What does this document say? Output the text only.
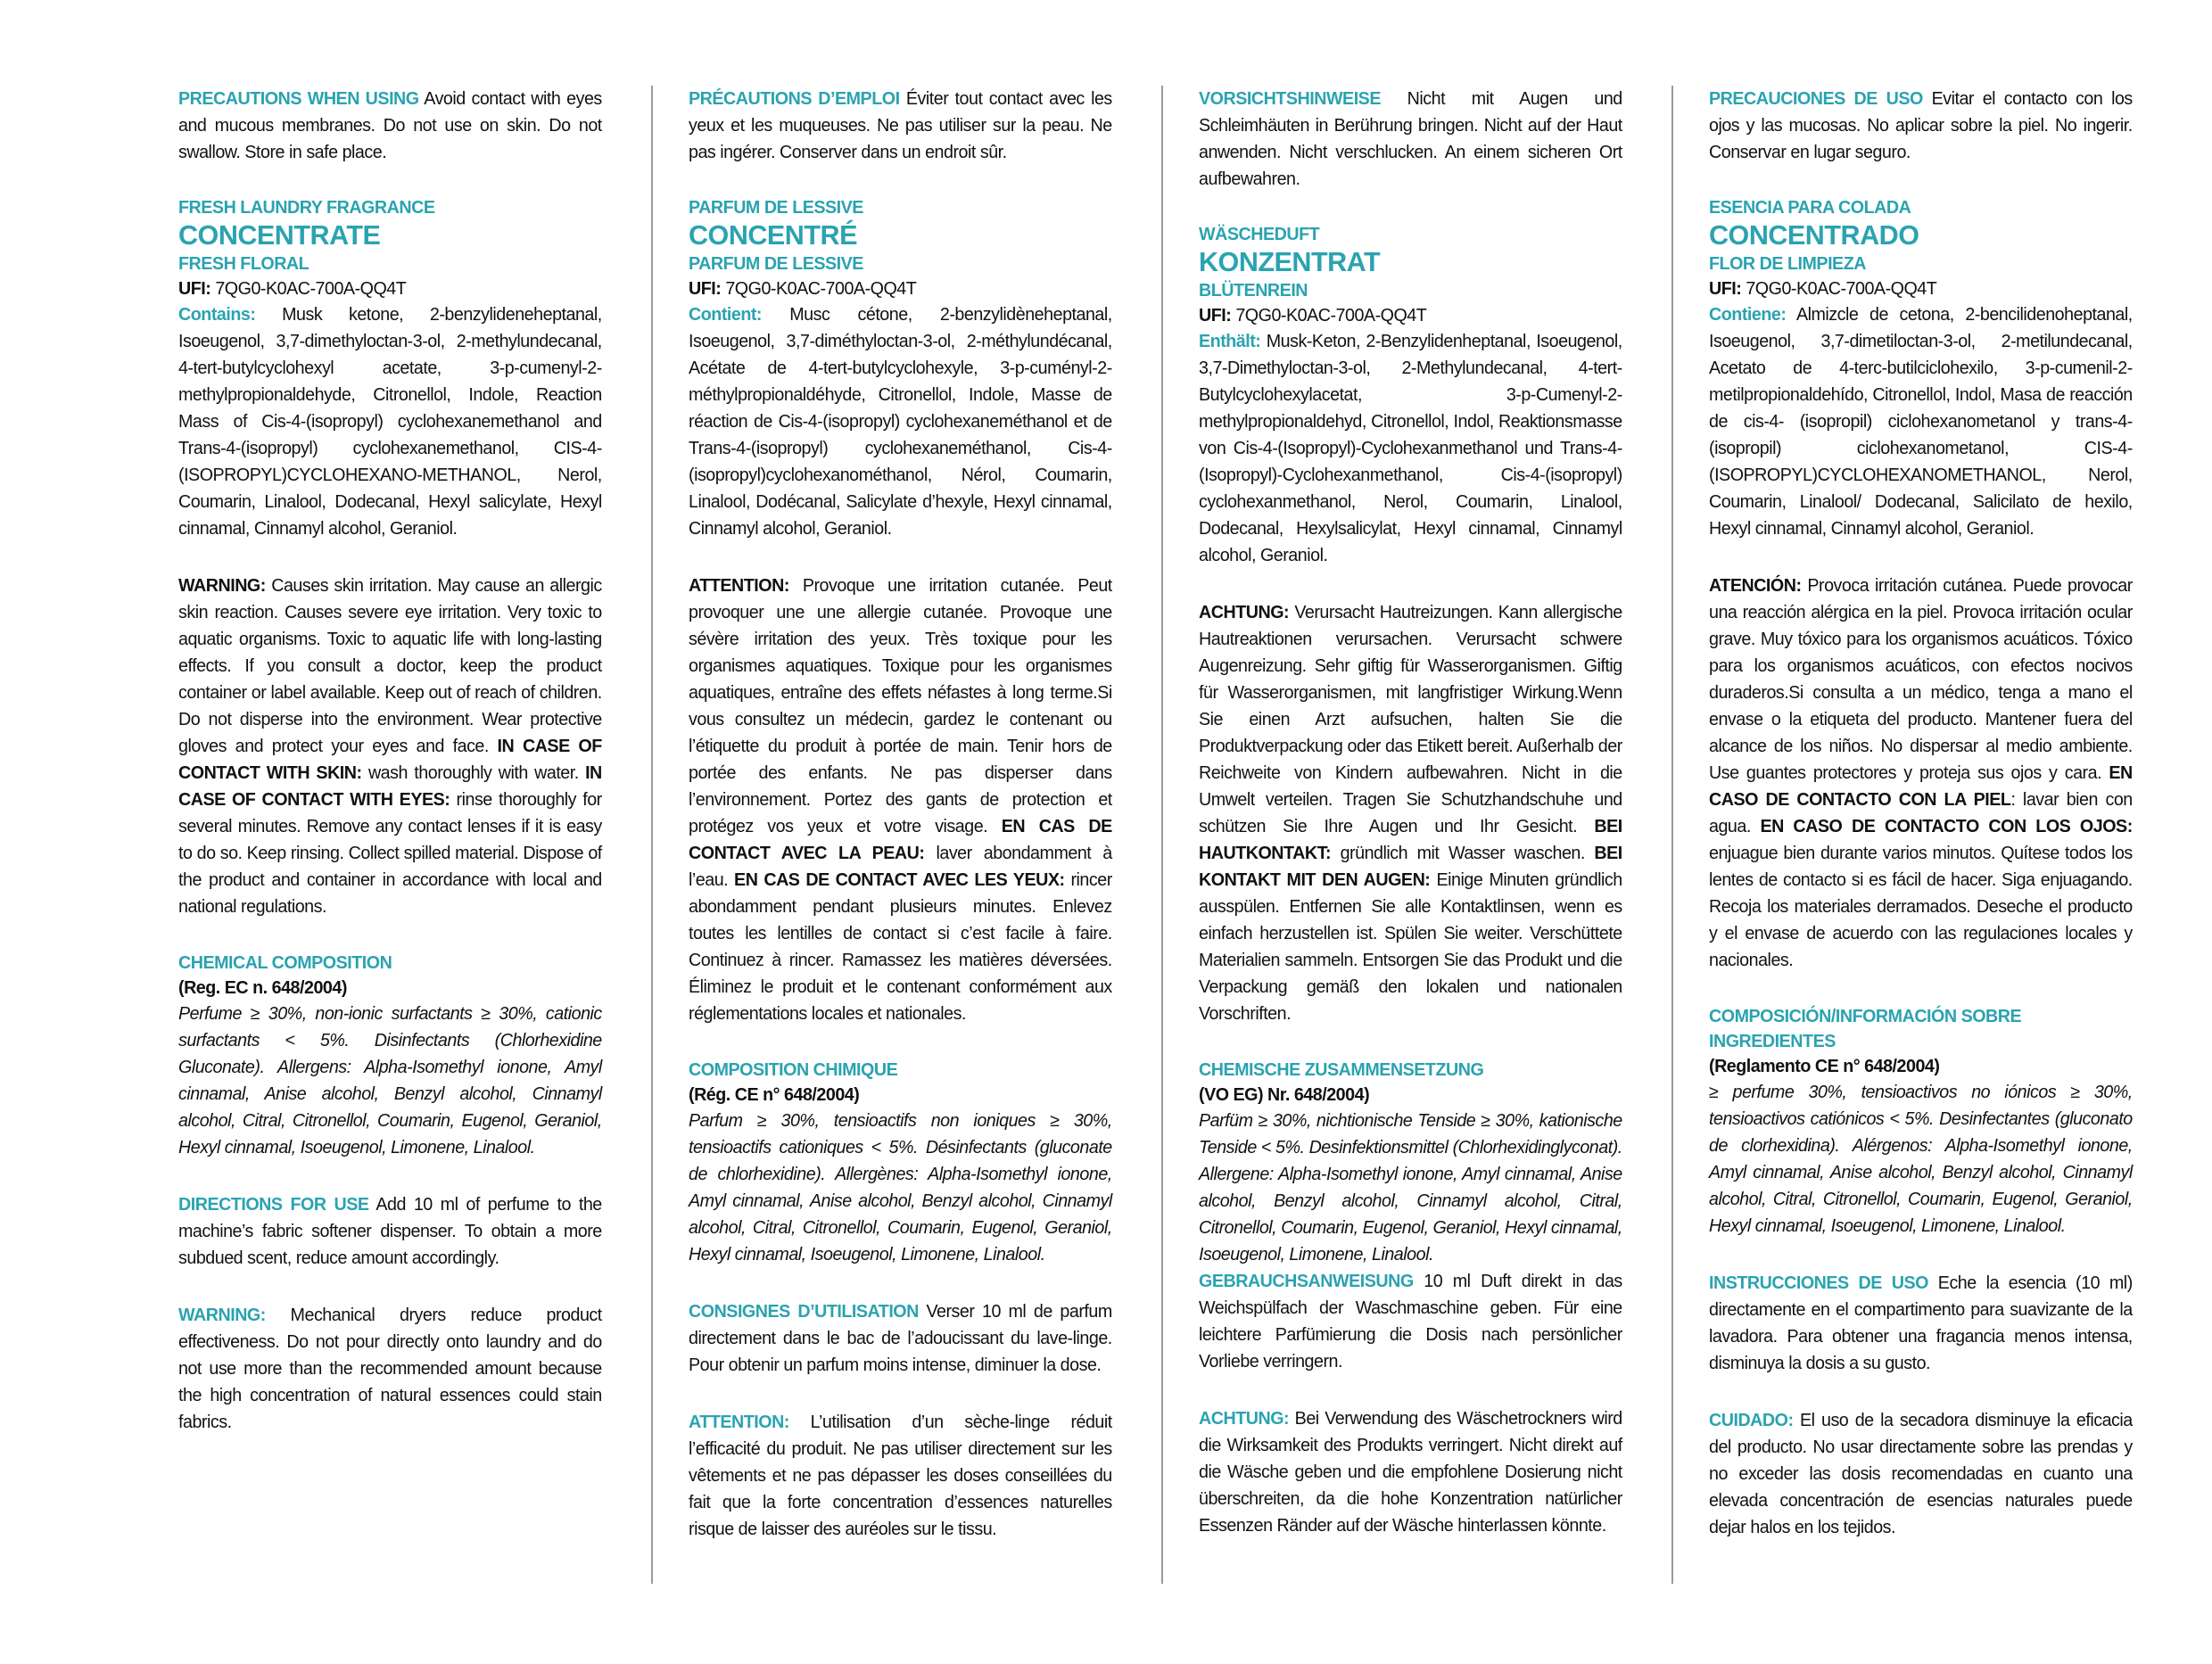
PRECAUTIONS WHEN USING Avoid contact with eyes and mucous membranes. Do not use on skin. Do not swallow. Store in safe place.

FRESH LAUNDRY FRAGRANCE
CONCENTRATE
FRESH FLORAL
UFI: 7QG0-K0AC-700A-QQ4T

Contains: Musk ketone, 2-benzylideneheptanal, Isoeugenol, 3,7-dimethyloctan-3-ol, 2-methylundecanal, 4-tert-butylcyclohexyl acetate, 3-p-cumenyl-2-methylpropionaldehyde, Citronellol, Indole, Reaction Mass of Cis-4-(isopropyl) cyclohexanemethanol and Trans-4-(isopropyl) cyclohexanemethanol, CIS-4-(ISOPROPYL)CYCLOHEXANO-METHANOL, Nerol, Coumarin, Linalool, Dodecanal, Hexyl salicylate, Hexyl cinnamal, Cinnamyl alcohol, Geraniol.

WARNING: Causes skin irritation. May cause an allergic skin reaction. Causes severe eye irritation. Very toxic to aquatic organisms. Toxic to aquatic life with long-lasting effects. If you consult a doctor, keep the product container or label available. Keep out of reach of children. Do not disperse into the environment. Wear protective gloves and protect your eyes and face. IN CASE OF CONTACT WITH SKIN: wash thoroughly with water. IN CASE OF CONTACT WITH EYES: rinse thoroughly for several minutes. Remove any contact lenses if it is easy to do so. Keep rinsing. Collect spilled material. Dispose of the product and container in accordance with local and national regulations.

CHEMICAL COMPOSITION
(Reg. EC n. 648/2004)

Perfume ≥ 30%, non-ionic surfactants ≥ 30%, cationic surfactants < 5%. Disinfectants (Chlorhexidine Gluconate). Allergens: Alpha-Isomethyl ionone, Amyl cinnamal, Anise alcohol, Benzyl alcohol, Cinnamyl alcohol, Citral, Citronellol, Coumarin, Eugenol, Geraniol, Hexyl cinnamal, Isoeugenol, Limonene, Linalool.

DIRECTIONS FOR USE Add 10 ml of perfume to the machine’s fabric softener dispenser. To obtain a more subdued scent, reduce amount accordingly.

WARNING: Mechanical dryers reduce product effectiveness. Do not pour directly onto laundry and do not use more than the recommended amount because the high concentration of natural essences could stain fabrics.

PRÉCAUTIONS D’EMPLOI Éviter tout contact avec les yeux et les muqueuses. Ne pas utiliser sur la peau. Ne pas ingérer. Conserver dans un endroit sûr.

PARFUM DE LESSIVE
CONCENTRÉ
PARFUM DE LESSIVE
UFI: 7QG0-K0AC-700A-QQ4T

Contient: Musc cétone, 2-benzylidèneheptanal, Isoeugenol, 3,7-diméthyloctan-3-ol, 2-méthylundécanal, Acétate de 4-tert-butylcyclohexyle, 3-p-cuményl-2-méthylpropionaldéhyde, Citronellol, Indole, Masse de réaction de Cis-4-(isopropyl) cyclohexaneméthanol et de Trans-4-(isopropyl) cyclohexaneméthanol, Cis-4-(isopropyl)cyclohexanométhanol, Nérol, Coumarin, Linalool, Dodécanal, Salicylate d’hexyle, Hexyl cinnamal, Cinnamyl alcohol, Geraniol.

ATTENTION: Provoque une irritation cutanée. Peut provoquer une une allergie cutanée. Provoque une sévère irritation des yeux. Très toxique pour les organismes aquatiques. Toxique pour les organismes aquatiques, entraîne des effets néfastes à long terme.Si vous consultez un médecin, gardez le contenant ou l’étiquette du produit à portée de main. Tenir hors de portée des enfants. Ne pas disperser dans l’environnement. Portez des gants de protection et protégez vos yeux et votre visage. EN CAS DE CONTACT AVEC LA PEAU: laver abondamment à l’eau. EN CAS DE CONTACT AVEC LES YEUX: rincer abondamment pendant plusieurs minutes. Enlevez toutes les lentilles de contact si c’est facile à faire. Continuez à rincer. Ramassez les matières déversées. Éliminez le produit et le contenant conformément aux réglementations locales et nationales.

COMPOSITION CHIMIQUE
(Rég. CE n° 648/2004)

Parfum ≥ 30%, tensioactifs non ioniques ≥ 30%, tensioactifs cationiques < 5%. Désinfectants (gluconate de chlorhexidine). Allergènes: Alpha-Isomethyl ionone, Amyl cinnamal, Anise alcohol, Benzyl alcohol, Cinnamyl alcohol, Citral, Citronellol, Coumarin, Eugenol, Geraniol, Hexyl cinnamal, Isoeugenol, Limonene, Linalool.

CONSIGNES D’UTILISATION Verser 10 ml de parfum directement dans le bac de l’adoucissant du lave-linge. Pour obtenir un parfum moins intense, diminuer la dose.

ATTENTION: L’utilisation d’un sèche-linge réduit l’efficacité du produit. Ne pas utiliser directement sur les vêtements et ne pas dépasser les doses conseillées du fait que la forte concentration d’essences naturelles risque de laisser des auréoles sur le tissu.

VORSICHTSHINWEISE Nicht mit Augen und Schleimhäuten in Berührung bringen. Nicht auf der Haut anwenden. Nicht verschlucken. An einem sicheren Ort aufbewahren.

WÄSCHEDUFT
KONZENTRAT
BLÜTENREIN
UFI: 7QG0-K0AC-700A-QQ4T

Enthält: Musk-Keton, 2-Benzylidenheptanal, Isoeugenol, 3,7-Dimethyloctan-3-ol, 2-Methylundecanal, 4-tert-Butylcyclohexylacetat, 3-p-Cumenyl-2-methylpropionaldehyd, Citronellol, Indol, Reaktionsmasse von Cis-4-(Isopropyl)-Cyclohexanmethanol und Trans-4-(Isopropyl)-Cyclohexanmethanol, Cis-4-(isopropyl) cyclohexanmethanol, Nerol, Coumarin, Linalool, Dodecanal, Hexylsalicylat, Hexyl cinnamal, Cinnamyl alcohol, Geraniol.

ACHTUNG: Verursacht Hautreizungen. Kann allergische Hautreaktionen verursachen. Verursacht schwere Augenreizung. Sehr giftig für Wasserorganismen. Giftig für Wasserorganismen, mit langfristiger Wirkung.Wenn Sie einen Arzt aufsuchen, halten Sie die Produktverpackung oder das Etikett bereit. Außerhalb der Reichweite von Kindern aufbewahren. Nicht in die Umwelt verteilen. Tragen Sie Schutzhandschuhe und schützen Sie Ihre Augen und Ihr Gesicht. BEI HAUTKONTAKT: gründlich mit Wasser waschen. BEI KONTAKT MIT DEN AUGEN: Einige Minuten gründlich ausspülen. Entfernen Sie alle Kontaktlinsen, wenn es einfach herzustellen ist. Spülen Sie weiter. Verschüttete Materialien sammeln. Entsorgen Sie das Produkt und die Verpackung gemäß den lokalen und nationalen Vorschriften.

CHEMISCHE ZUSAMMENSETZUNG
(VO EG) Nr. 648/2004)

Parfüm ≥ 30%, nichtionische Tenside ≥ 30%, kationische Tenside < 5%. Desinfektionsmittel (Chlorhexidinglyconat). Allergene: Alpha-Isomethyl ionone, Amyl cinnamal, Anise alcohol, Benzyl alcohol, Cinnamyl alcohol, Citral, Citronellol, Coumarin, Eugenol, Geraniol, Hexyl cinnamal, Isoeugenol, Limonene, Linalool.

GEBRAUCHSANWEISUNG 10 ml Duft direkt in das Weichspülfach der Waschmaschine geben. Für eine leichtere Parfümierung die Dosis nach persönlicher Vorliebe verringern.

ACHTUNG: Bei Verwendung des Wäschetrockners wird die Wirksamkeit des Produkts verringert. Nicht direkt auf die Wäsche geben und die empfohlene Dosierung nicht überschreiten, da die hohe Konzentration natürlicher Essenzen Ränder auf der Wäsche hinterlassen könnte.

PRECAUCIONES DE USO Evitar el contacto con los ojos y las mucosas. No aplicar sobre la piel. No ingerir. Conservar en lugar seguro.

ESENCIA PARA COLADA
CONCENTRADO
FLOR DE LIMPIEZA
UFI: 7QG0-K0AC-700A-QQ4T

Contiene: Almizcle de cetona, 2-bencilidenoheptanal, Isoeugenol, 3,7-dimetiloctan-3-ol, 2-metilundecanal, Acetato de 4-terc-butilciclohexilo, 3-p-cumenil-2-metilpropionaldehído, Citronellol, Indol, Masa de reacción de cis-4- (isopropil) ciclohexanometanol y trans-4- (isopropil) ciclohexanometanol, CIS-4-(ISOPROPYL)CYCLOHEXANOMETHANOL, Nerol, Coumarin, Linalool/ Dodecanal, Salicilato de hexilo, Hexyl cinnamal, Cinnamyl alcohol, Geraniol.

ATENCIÓN: Provoca irritación cutánea. Puede provocar una reacción alérgica en la piel. Provoca irritación ocular grave. Muy tóxico para los organismos acuáticos. Tóxico para los organismos acuáticos, con efectos nocivos duraderos.Si consulta a un médico, tenga a mano el envase o la etiqueta del producto. Mantener fuera del alcance de los niños. No dispersar al medio ambiente. Use guantes protectores y proteja sus ojos y cara. EN CASO DE CONTACTO CON LA PIEL: lavar bien con agua. EN CASO DE CONTACTO CON LOS OJOS: enjuague bien durante varios minutos. Quítese todos los lentes de contacto si es fácil de hacer. Siga enjuagando. Recoja los materiales derramados. Deseche el producto y el envase de acuerdo con las regulaciones locales y nacionales.

COMPOSICIÓN/INFORMACIÓN SOBRE INGREDIENTES
(Reglamento CE n° 648/2004)

≥ perfume 30%, tensioactivos no iónicos ≥ 30%, tensioactivos catiónicos < 5%. Desinfectantes (gluconato de clorhexidina). Alérgenos: Alpha-Isomethyl ionone, Amyl cinnamal, Anise alcohol, Benzyl alcohol, Cinnamyl alcohol, Citral, Citronellol, Coumarin, Eugenol, Geraniol, Hexyl cinnamal, Isoeugenol, Limonene, Linalool.

INSTRUCCIONES DE USO Eche la esencia (10 ml) directamente en el compartimento para suavizante de la lavadora. Para obtener una fragancia menos intensa, disminuya la dosis a su gusto.

CUIDADO: El uso de la secadora disminuye la eficacia del producto. No usar directamente sobre las prendas y no exceder las dosis recomendadas en cuanto una elevada concentración de esencias naturales puede dejar halos en los tejidos.
